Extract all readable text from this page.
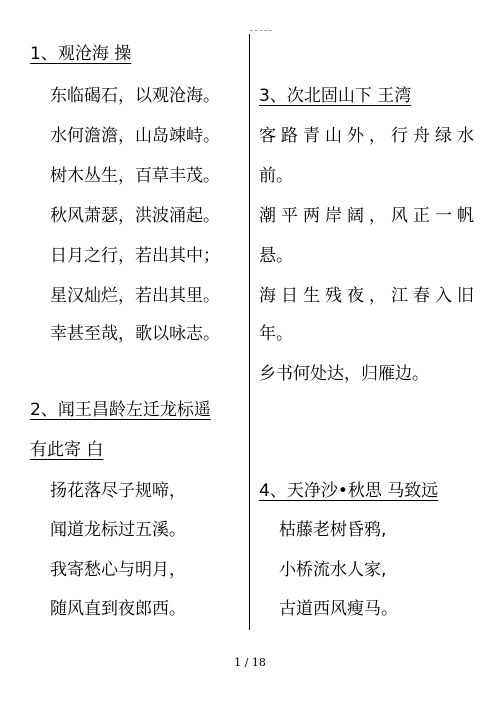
1、观沧海 操
东临碣石，以观沧海。
水何澹澹，山岛竦峙。
树木丛生，百草丰茂。
秋风萧瑟，洪波涌起。
日月之行，若出其中；
星汉灿烂，若出其里。
幸甚至哉，歌以咏志。
2、闻王昌龄左迁龙标遥
有此寄 白
扬花落尽子规啼，
闻道龙标过五溪。
我寄愁心与明月，
随风直到夜郎西。
3、次北固山下 王湾
客路青山外，行舟绿水
前。
潮平两岸阔，风正一帆
悬。
海日生残夜，江春入旧
年。
乡书何处达，归雁边。
4、天净沙•秋思 马致远
枯藤老树昏鸦,
小桥流水人家,
古道西风瘦马。
1 / 18
